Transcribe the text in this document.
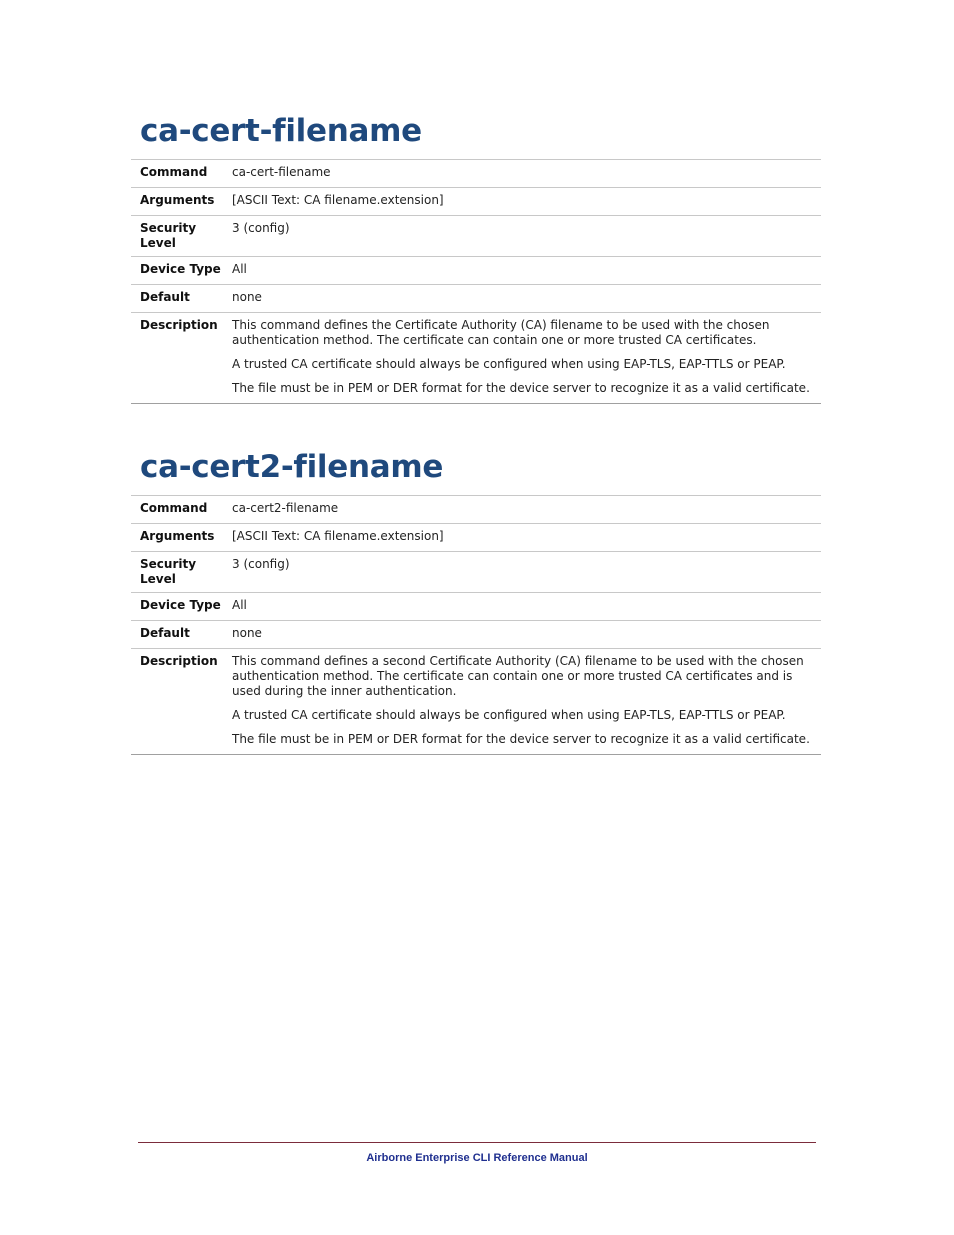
ca-cert-filename
Command	ca-cert-filename

Arguments	[ASCII Text: CA filename.extension]

Security Level	3 (config)

Device Type	All

Default	none

Description	This command defines the Certificate Authority (CA) filename to be used with the chosen authentication method. The certificate can contain one or more trusted CA certificates.

A trusted CA certificate should always be configured when using EAP-TLS, EAP-TTLS or PEAP.

The file must be in PEM or DER format for the device server to recognize it as a valid certificate.

ca-cert2-filename
Command	ca-cert2-filename

Arguments	[ASCII Text: CA filename.extension]

Security Level	3 (config)

Device Type	All

Default	none

Description	This command defines a second Certificate Authority (CA) filename to be used with the chosen authentication method. The certificate can contain one or more trusted CA certificates and is used during the inner authentication.

A trusted CA certificate should always be configured when using EAP-TLS, EAP-TTLS or PEAP.

The file must be in PEM or DER format for the device server to recognize it as a valid certificate.

Airborne Enterprise CLI Reference Manual
